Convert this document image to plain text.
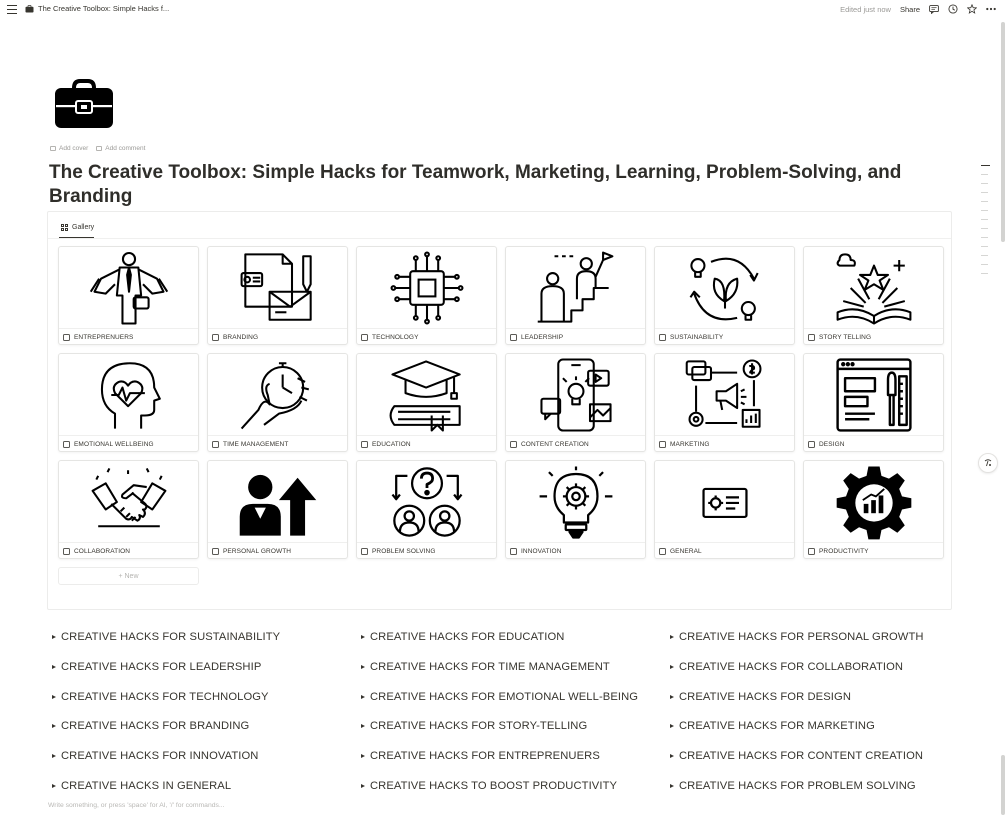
The Creative Toolbox: Simple Hacks f...	Edited just now Share
Add cover	Add comment
The Creative Toolbox: Simple Hacks for Teamwork, Marketing, Learning, Problem-Solving, and Branding
Gallery
ENTREPRENUERS	BRANDING	TECHNOLOGY	LEADERSHIP	SUSTAINABILITY	STORY TELLING
EMOTIONAL WELLBEING	TIME MANAGEMENT	EDUCATION	CONTENT CREATION	MARKETING	DESIGN
COLLABORATION	PERSONAL GROWTH	PROBLEM SOLVING	INNOVATION	GENERAL	PRODUCTIVITY
+ New
CREATIVE HACKS FOR SUSTAINABILITY	CREATIVE HACKS FOR EDUCATION	CREATIVE HACKS FOR PERSONAL GROWTH
CREATIVE HACKS FOR LEADERSHIP	CREATIVE HACKS FOR TIME MANAGEMENT	CREATIVE HACKS FOR COLLABORATION
CREATIVE HACKS FOR TECHNOLOGY	CREATIVE HACKS FOR EMOTIONAL WELL-BEING	CREATIVE HACKS FOR DESIGN
CREATIVE HACKS FOR BRANDING	CREATIVE HACKS FOR STORY-TELLING	CREATIVE HACKS FOR MARKETING
CREATIVE HACKS FOR INNOVATION	CREATIVE HACKS FOR ENTREPRENUERS	CREATIVE HACKS FOR CONTENT CREATION
CREATIVE HACKS IN GENERAL	CREATIVE HACKS TO BOOST PRODUCTIVITY	CREATIVE HACKS FOR PROBLEM SOLVING
Write something, or press 'space' for AI, '/' for commands...
